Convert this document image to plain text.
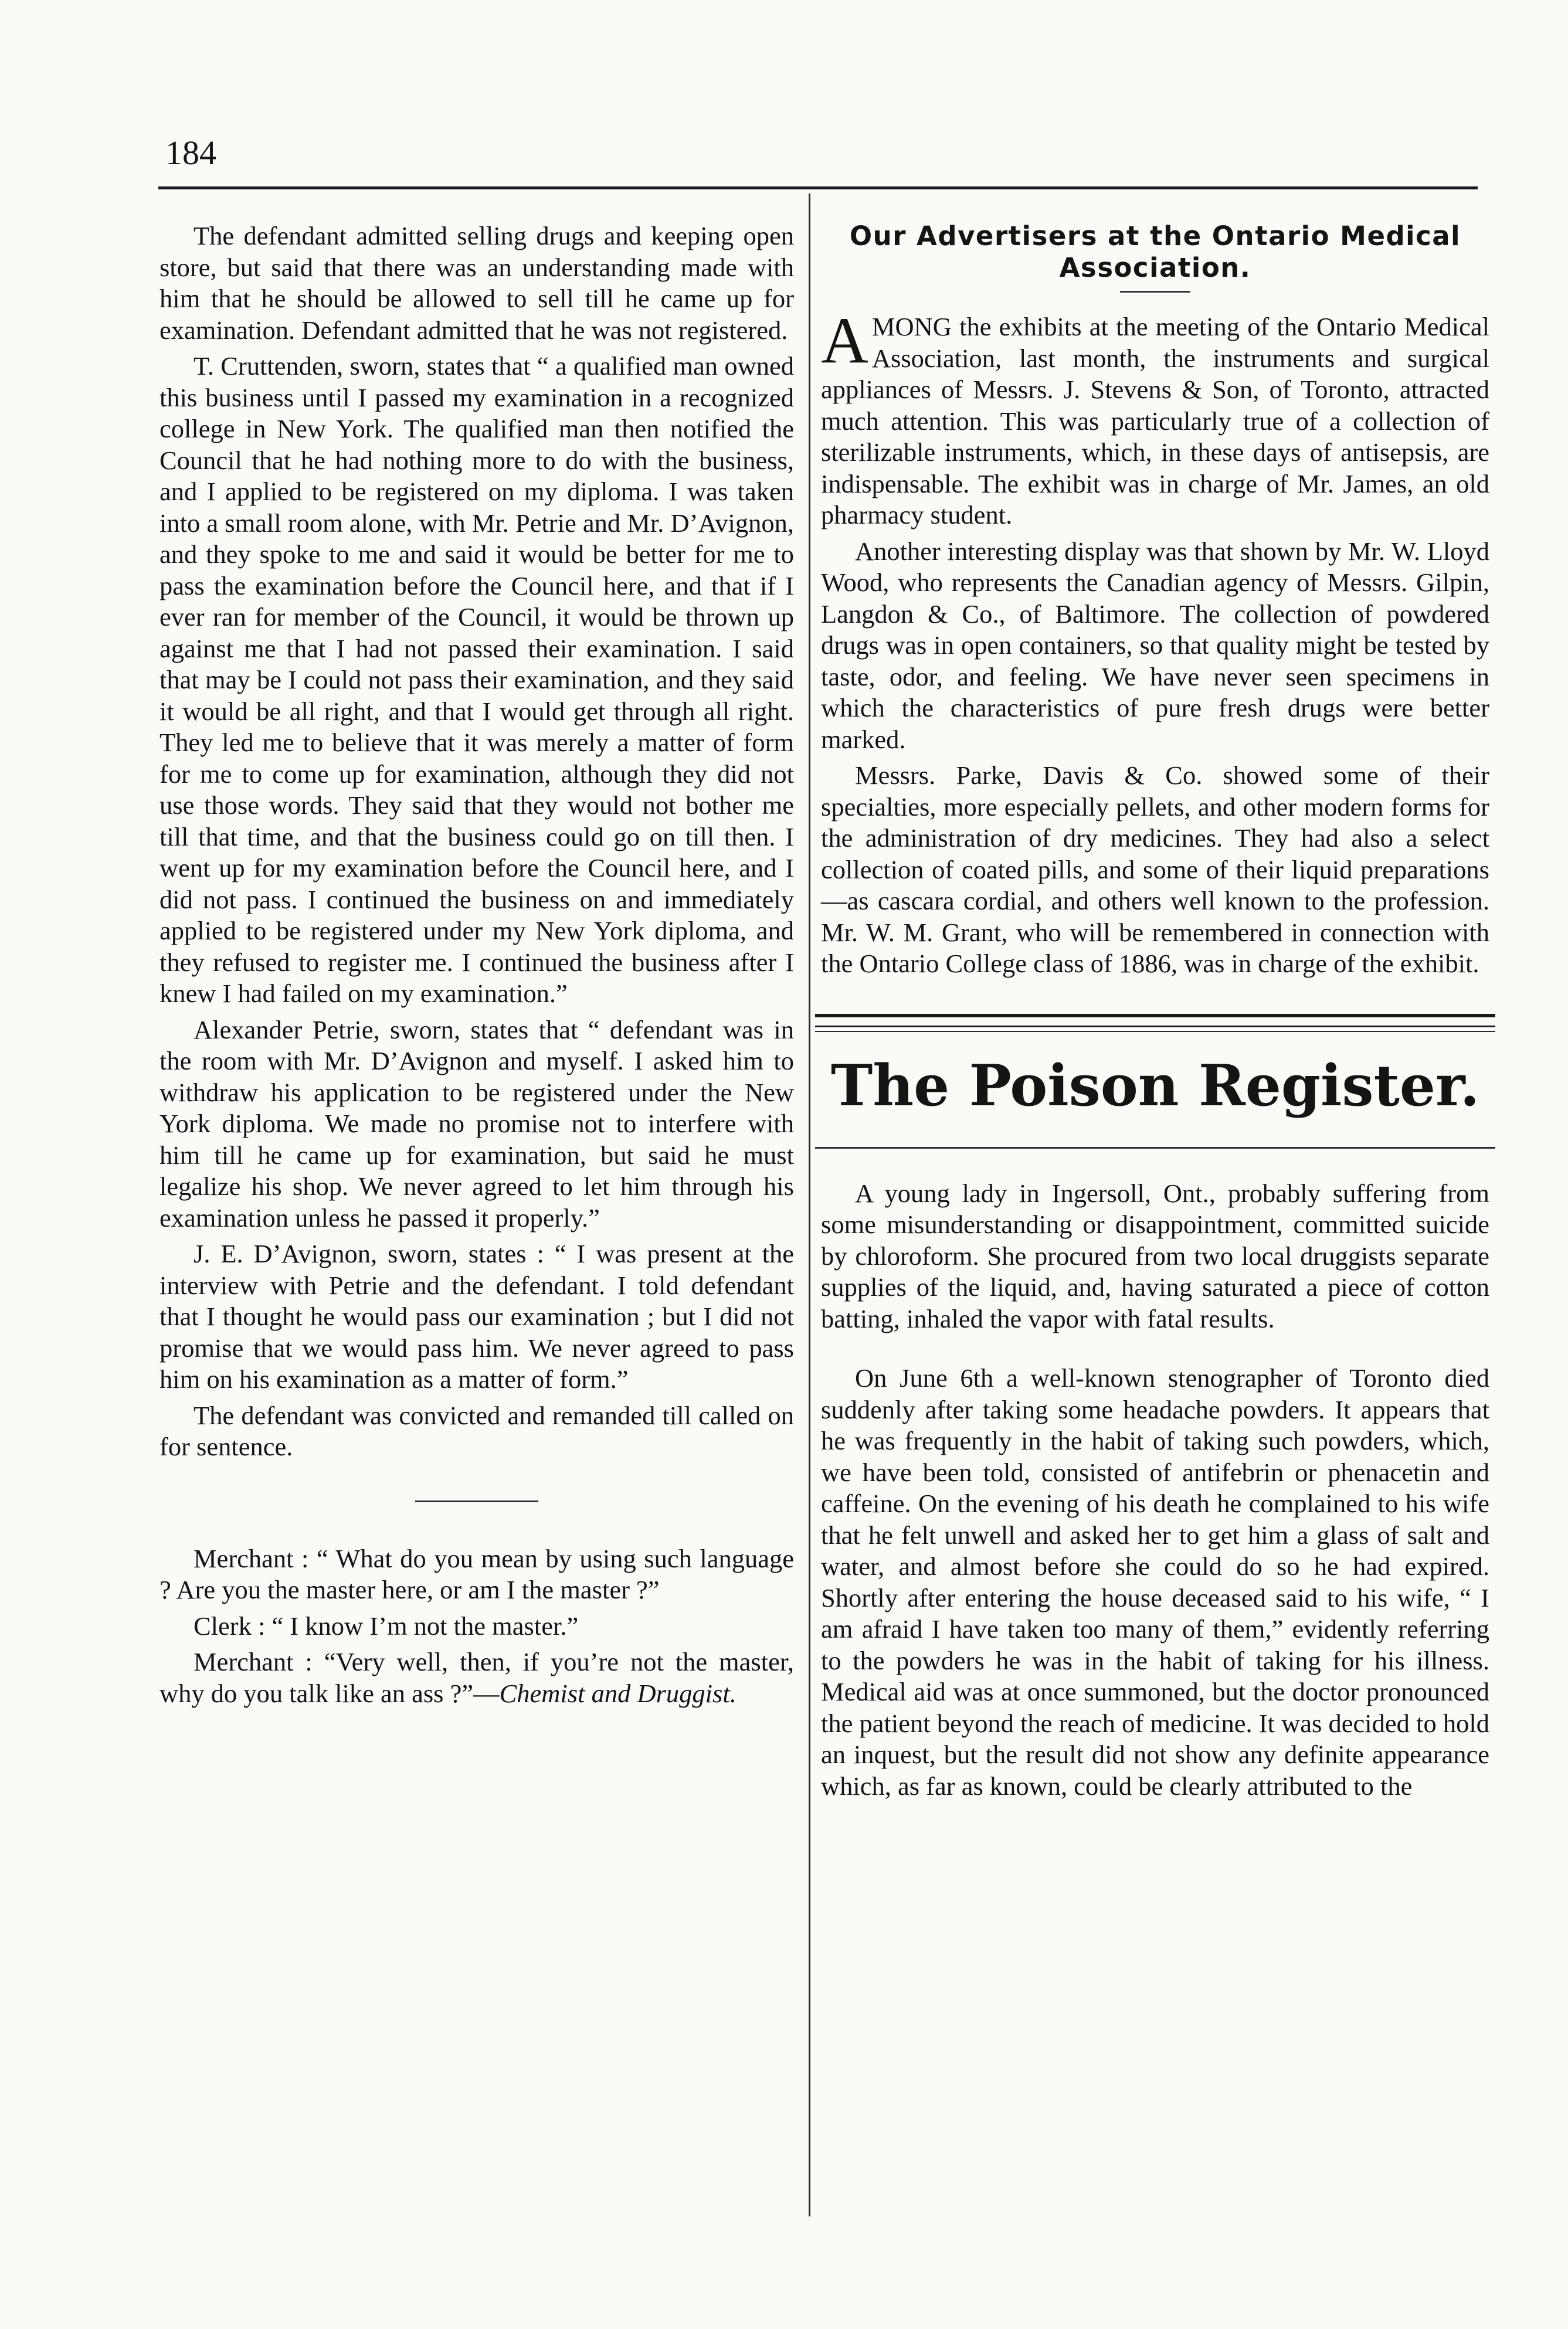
184

The defendant admitted selling drugs and keeping open store, but said that there was an understanding made with him that he should be allowed to sell till he came up for examination. Defendant admitted that he was not registered.

T. Cruttenden, sworn, states that “ a qualified man owned this business until I passed my examination in a recognized college in New York. The qualified man then notified the Council that he had nothing more to do with the business, and I applied to be registered on my diploma. I was taken into a small room alone, with Mr. Petrie and Mr. D’Avignon, and they spoke to me and said it would be better for me to pass the examination before the Council here, and that if I ever ran for member of the Council, it would be thrown up against me that I had not passed their examination. I said that may be I could not pass their examination, and they said it would be all right, and that I would get through all right. They led me to believe that it was merely a matter of form for me to come up for examination, although they did not use those words. They said that they would not bother me till that time, and that the business could go on till then. I went up for my examination before the Council here, and I did not pass. I continued the business on and immediately applied to be registered under my New York diploma, and they refused to register me. I continued the business after I knew I had failed on my examination.”

Alexander Petrie, sworn, states that “ defendant was in the room with Mr. D’Avignon and myself. I asked him to withdraw his application to be registered under the New York diploma. We made no promise not to interfere with him till he came up for examination, but said he must legalize his shop. We never agreed to let him through his examination unless he passed it properly.”

J. E. D’Avignon, sworn, states : “ I was present at the interview with Petrie and the defendant. I told defendant that I thought he would pass our examination ; but I did not promise that we would pass him. We never agreed to pass him on his examination as a matter of form.”

The defendant was convicted and remanded till called on for sentence.

Merchant : “ What do you mean by using such language ? Are you the master here, or am I the master ?”

Clerk : “ I know I’m not the master.”

Merchant : “Very well, then, if you’re not the master, why do you talk like an ass ?”—Chemist and Druggist.

Our Advertisers at the Ontario Medical Association.

AMONG the exhibits at the meeting of the Ontario Medical Association, last month, the instruments and surgical appliances of Messrs. J. Stevens & Son, of Toronto, attracted much attention. This was particularly true of a collection of sterilizable instruments, which, in these days of antisepsis, are indispensable. The exhibit was in charge of Mr. James, an old pharmacy student.

Another interesting display was that shown by Mr. W. Lloyd Wood, who represents the Canadian agency of Messrs. Gilpin, Langdon & Co., of Baltimore. The collection of powdered drugs was in open containers, so that quality might be tested by taste, odor, and feeling. We have never seen specimens in which the characteristics of pure fresh drugs were better marked.

Messrs. Parke, Davis & Co. showed some of their specialties, more especially pellets, and other modern forms for the administration of dry medicines. They had also a select collection of coated pills, and some of their liquid preparations—as cascara cordial, and others well known to the profession. Mr. W. M. Grant, who will be remembered in connection with the Ontario College class of 1886, was in charge of the exhibit.

The Poison Register.

A young lady in Ingersoll, Ont., probably suffering from some misunderstanding or disappointment, committed suicide by chloroform. She procured from two local druggists separate supplies of the liquid, and, having saturated a piece of cotton batting, inhaled the vapor with fatal results.

On June 6th a well-known stenographer of Toronto died suddenly after taking some headache powders. It appears that he was frequently in the habit of taking such powders, which, we have been told, consisted of antifebrin or phenacetin and caffeine. On the evening of his death he complained to his wife that he felt unwell and asked her to get him a glass of salt and water, and almost before she could do so he had expired. Shortly after entering the house deceased said to his wife, “ I am afraid I have taken too many of them,” evidently referring to the powders he was in the habit of taking for his illness. Medical aid was at once summoned, but the doctor pronounced the patient beyond the reach of medicine. It was decided to hold an inquest, but the result did not show any definite appearance which, as far as known, could be clearly attributed to the
